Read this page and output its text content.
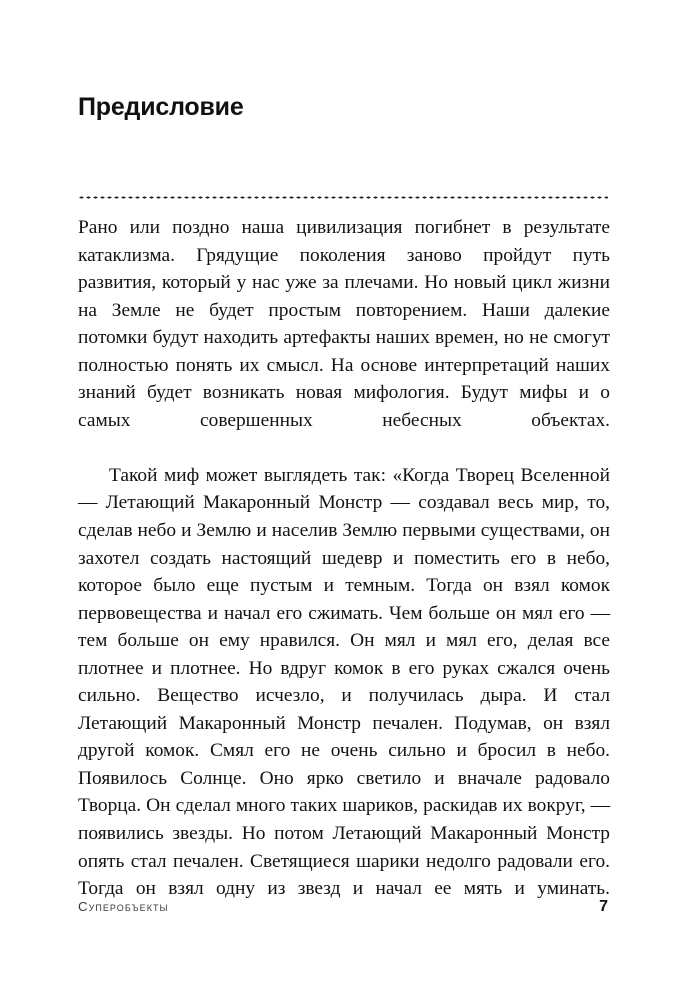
Предисловие

Рано или поздно наша цивилизация погибнет в результате катаклизма. Грядущие поколения заново пройдут путь развития, который у нас уже за плечами. Но новый цикл жизни на Земле не будет простым повторением. Наши далекие потомки будут находить артефакты наших времен, но не смогут полностью понять их смысл. На основе интерпретаций наших знаний будет возникать новая мифология. Будут мифы и о самых совершенных небесных объектах.

Такой миф может выглядеть так: «Когда Творец Вселенной — Летающий Макаронный Монстр — создавал весь мир, то, сделав небо и Землю и населив Землю первыми существами, он захотел создать настоящий шедевр и поместить его в небо, которое было еще пустым и темным. Тогда он взял комок первовещества и начал его сжимать. Чем больше он мял его — тем больше он ему нравился. Он мял и мял его, делая все плотнее и плотнее. Но вдруг комок в его руках сжался очень сильно. Вещество исчезло, и получилась дыра. И стал Летающий Макаронный Монстр печален. Подумав, он взял другой комок. Смял его не очень сильно и бросил в небо. Появилось Солнце. Оно ярко светило и вначале радовало Творца. Он сделал много таких шариков, раскидав их вокруг, — появились звезды. Но потом Летающий Макаронный Монстр опять стал печален. Светящиеся шарики недолго радовали его. Тогда он взял одну из звезд и начал ее мять и уминать.

Суперобъекты	7
